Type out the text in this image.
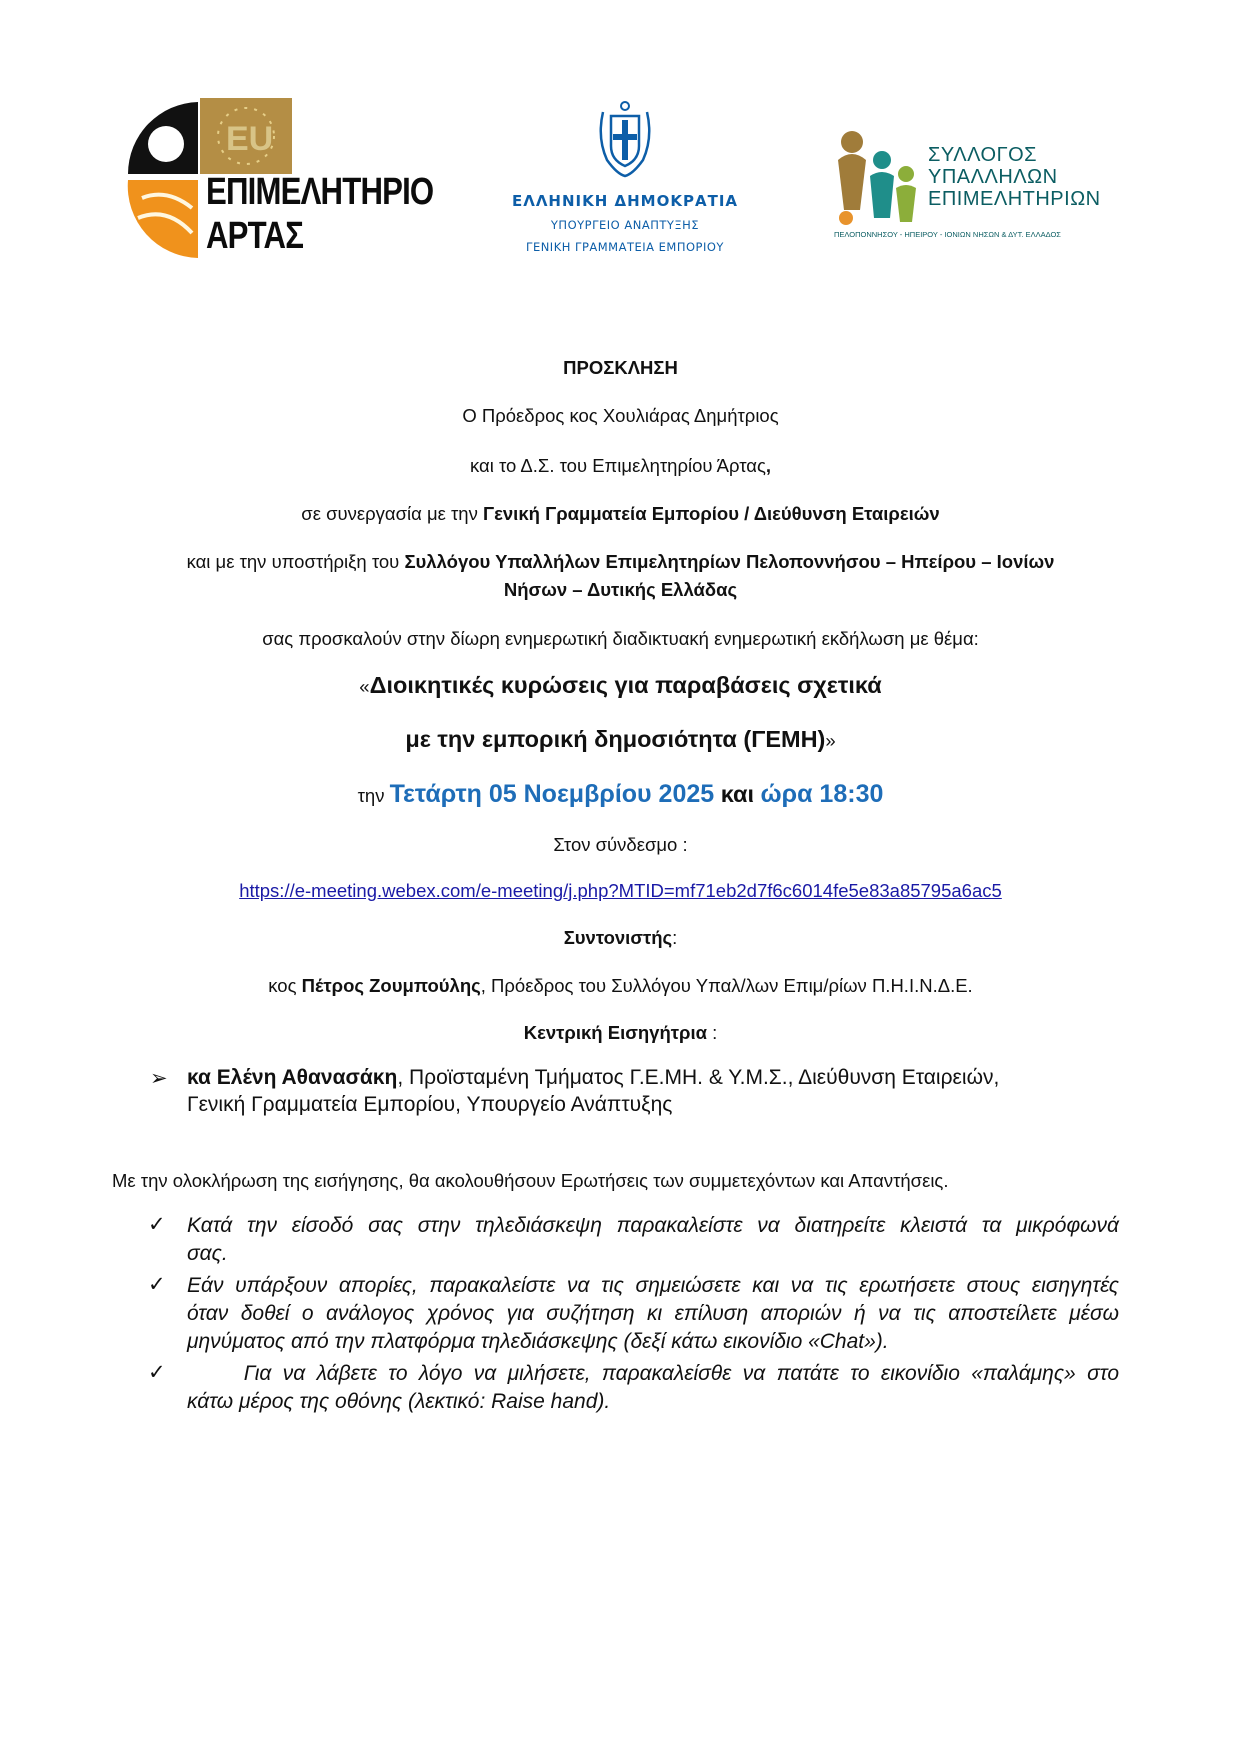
EU
ΕΠΙΜΕΛΗΤΗΡΙΟ
ΑΡΤΑΣ
ΕΛΛΗΝΙΚΗ ΔΗΜΟΚΡΑΤΙΑ
ΥΠΟΥΡΓΕΙΟ ΑΝΑΠΤΥΞΗΣ
ΓΕΝΙΚΗ ΓΡΑΜΜΑΤΕΙΑ ΕΜΠΟΡΙΟΥ
ΣΥΛΛΟΓΟΣ
ΥΠΑΛΛΗΛΩΝ
ΕΠΙΜΕΛΗΤΗΡΙΩΝ
ΠΕΛΟΠΟΝΝΗΣΟΥ - ΗΠΕΙΡΟΥ - ΙΟΝΙΩΝ ΝΗΣΩΝ & ΔΥΤ. ΕΛΛΑΔΟΣ
ΠΡΟΣΚΛΗΣΗ
Ο Πρόεδρος κος Χουλιάρας Δημήτριος
και το Δ.Σ. του Επιμελητηρίου Άρτας,
σε συνεργασία με την Γενική Γραμματεία Εμπορίου / Διεύθυνση Εταιρειών
και με την υποστήριξη του Συλλόγου Υπαλλήλων Επιμελητηρίων Πελοποννήσου – Ηπείρου – Ιονίων
Νήσων – Δυτικής Ελλάδας
σας προσκαλούν στην δίωρη ενημερωτική διαδικτυακή ενημερωτική εκδήλωση με θέμα:
«Διοικητικές κυρώσεις για παραβάσεις σχετικά
με την εμπορική δημοσιότητα (ΓΕΜΗ)»
την Τετάρτη 05 Νοεμβρίου 2025 και ώρα 18:30
Στον σύνδεσμο :
https://e-meeting.webex.com/e-meeting/j.php?MTID=mf71eb2d7f6c6014fe5e83a85795a6ac5
Συντονιστής:
κος Πέτρος Ζουμπούλης, Πρόεδρος του Συλλόγου Υπαλ/λων Επιμ/ρίων Π.Η.Ι.Ν.Δ.Ε.
Κεντρική Εισηγήτρια :
➢ κα Ελένη Αθανασάκη, Προϊσταμένη Τμήματος Γ.Ε.ΜΗ. & Υ.Μ.Σ., Διεύθυνση Εταιρειών,
Γενική Γραμματεία Εμπορίου, Υπουργείο Ανάπτυξης
Με την ολοκλήρωση της εισήγησης, θα ακολουθήσουν Ερωτήσεις των συμμετεχόντων και Απαντήσεις.
✓ Κατά την είσοδό σας στην τηλεδιάσκεψη παρακαλείστε να διατηρείτε κλειστά τα μικρόφωνά
σας.
✓ Εάν υπάρξουν απορίες, παρακαλείστε να τις σημειώσετε και να τις ερωτήσετε στους εισηγητές
όταν δοθεί ο ανάλογος χρόνος για συζήτηση κι επίλυση αποριών ή να τις αποστείλετε μέσω
μηνύματος από την πλατφόρμα τηλεδιάσκεψης (δεξί κάτω εικονίδιο «Chat»).
✓ Για να λάβετε το λόγο να μιλήσετε, παρακαλείσθε να πατάτε το εικονίδιο «παλάμης» στο
κάτω μέρος της οθόνης (λεκτικό: Raise hand).
